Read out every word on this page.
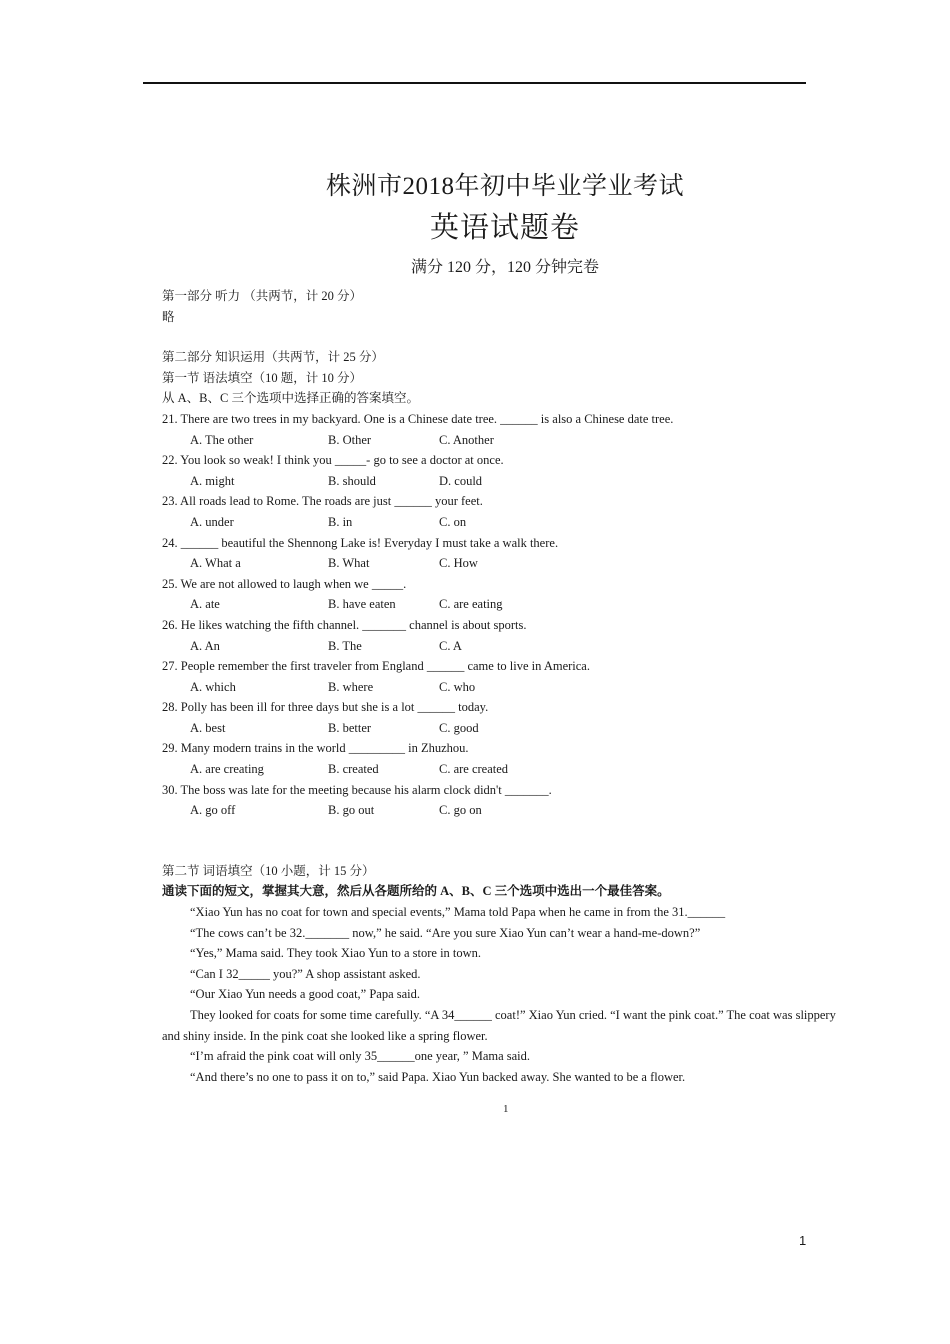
株洲市2018年初中毕业学业考试
英语试题卷
满分 120 分，120 分钟完卷
第一部分 听力 （共两节，计 20 分）
略
第二部分 知识运用（共两节，计 25 分）
第一节 语法填空（10 题，计 10 分）
从 A、B、C 三个选项中选择正确的答案填空。
21. There are two trees in my backyard. One is a Chinese date tree. ______ is also a Chinese date tree.
A. The other	B. Other	C. Another
22. You look so weak! I think you _____- go to see a doctor at once.
A. might	B. should	D. could
23. All roads lead to Rome. The roads are just ______ your feet.
A. under	B. in	C. on
24. ______ beautiful the Shennong Lake is! Everyday I must take a walk there.
A. What a	B. What	C. How
25. We are not allowed to laugh when we _____.
A. ate	B. have eaten	C. are eating
26. He likes watching the fifth channel. _______ channel is about sports.
A. An	B. The	C. A
27. People remember the first traveler from England ______ came to live in America.
A. which	B. where	C. who
28. Polly has been ill for three days but she is a lot ______ today.
A. best	B. better	C. good
29. Many modern trains in the world _________ in Zhuzhou.
A. are creating	B. created	C. are created
30. The boss was late for the meeting because his alarm clock didn't _______.
A. go off	B. go out	C. go on
第二节 词语填空（10 小题，计 15 分）
通读下面的短文，掌握其大意，然后从各题所给的 A、B、C 三个选项中选出一个最佳答案。
“Xiao Yun has no coat for town and special events,” Mama told Papa when he came in from the 31.______
“The cows can’t be 32._______ now,” he said. “Are you sure Xiao Yun can’t wear a hand-me-down?”
“Yes,” Mama said. They took Xiao Yun to a store in town.
“Can I 32_____ you?” A shop assistant asked.
“Our Xiao Yun needs a good coat,” Papa said.
They looked for coats for some time carefully. “A 34______ coat!” Xiao Yun cried. “I want the pink coat.” The coat was slippery and shiny inside. In the pink coat she looked like a spring flower.
“I’m afraid the pink coat will only 35______one year, ” Mama said.
“And there’s no one to pass it on to,” said Papa. Xiao Yun backed away. She wanted to be a flower.
1
1
